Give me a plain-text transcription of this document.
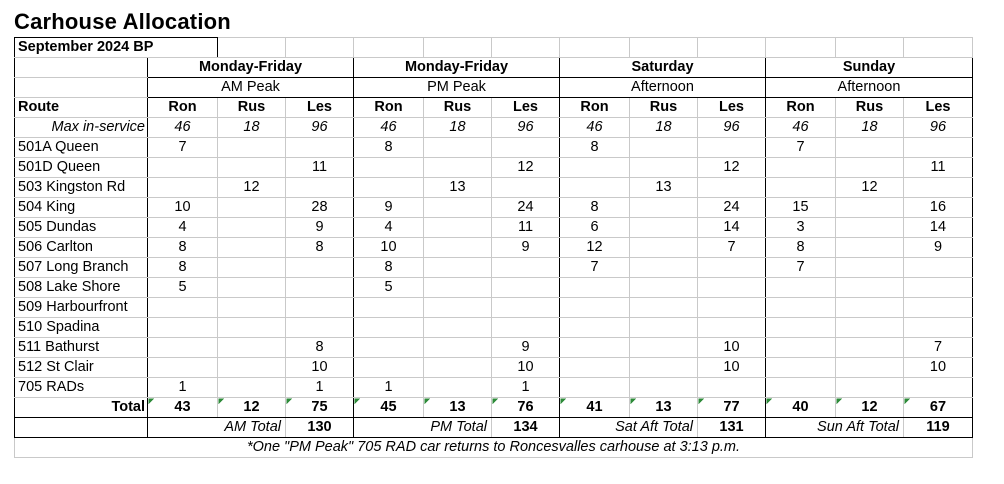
Carhouse Allocation
September 2024 BP												
	Monday-Friday			Monday-Friday			Saturday			Sunday		
	AM Peak			PM Peak			Afternoon			Afternoon		
Route	Ron	Rus	Les	Ron	Rus	Les	Ron	Rus	Les	Ron	Rus	Les
Max in-service	46	18	96	46	18	96	46	18	96	46	18	96
501A Queen	7			8			8			7		
501D Queen			11			12			12			11
503 Kingston Rd		12			13			13			12	
504 King	10		28	9		24	8		24	15		16
505 Dundas	4		9	4		11	6		14	3		14
506 Carlton	8		8	10		9	12		7	8		9
507 Long Branch	8			8			7			7		
508 Lake Shore	5			5								
509 Harbourfront												
510 Spadina												
511 Bathurst			8			9			10			7
512 St Clair			10			10			10			10
705 RADs	1		1	1		1						
Total	43	12	75	45	13	76	41	13	77	40	12	67
	AM Total		130	PM Total		134	Sat Aft Total		131	Sun Aft Total		119
*One "PM Peak" 705 RAD car returns to Roncesvalles carhouse at 3:13 p.m.												
